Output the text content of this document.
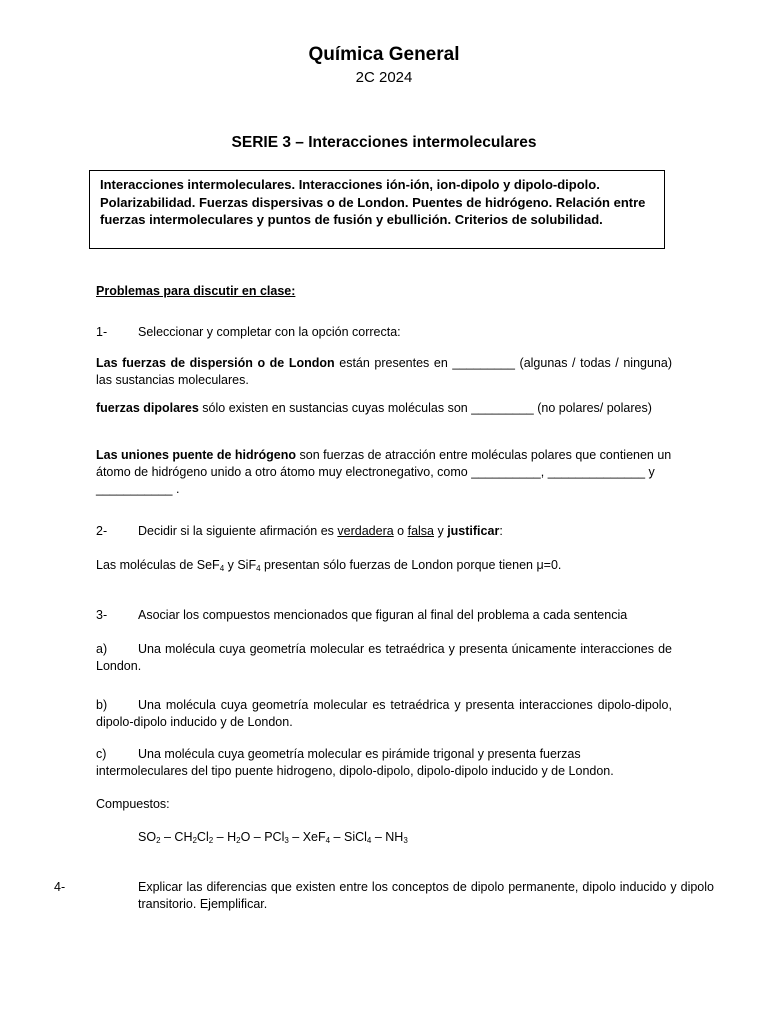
Química General
2C 2024
SERIE 3 – Interacciones intermoleculares
Interacciones intermoleculares. Interacciones ión-ión, ion-dipolo y dipolo-dipolo. Polarizabilidad. Fuerzas dispersivas o de London. Puentes de hidrógeno. Relación entre fuerzas intermoleculares y puntos de fusión y ebullición. Criterios de solubilidad.
Problemas para discutir en clase:
1- Seleccionar y completar con la opción correcta:
Las fuerzas de dispersión o de London están presentes en _________ (algunas / todas / ninguna) las sustancias moleculares.
fuerzas dipolares sólo existen en sustancias cuyas moléculas son _________ (no polares/ polares)
Las uniones puente de hidrógeno son fuerzas de atracción entre moléculas polares que contienen un átomo de hidrógeno unido a otro átomo muy electronegativo, como __________, ______________ y ___________ .
2- Decidir si la siguiente afirmación es verdadera o falsa y justificar:
Las moléculas de SeF$_4$ y SiF$_4$ presentan sólo fuerzas de London porque tienen μ=0.
3- Asociar los compuestos mencionados que figuran al final del problema a cada sentencia
a) Una molécula cuya geometría molecular es tetraédrica y presenta únicamente interacciones de London.
b) Una molécula cuya geometría molecular es tetraédrica y presenta interacciones dipolo-dipolo, dipolo-dipolo inducido y de London.
c)	Una molécula cuya geometría molecular es pirámide trigonal y presenta fuerzas intermoleculares del tipo puente hidrogeno, dipolo-dipolo, dipolo-dipolo inducido y de London.
Compuestos:
$SO_2 - CH_2Cl_2 - H_2O - PCl_3 - XeF_4$ – SiCl$_4$ – $NH_3$
4-	Explicar las diferencias que existen entre los conceptos de dipolo permanente, dipolo inducido y dipolo transitorio. Ejemplificar.
